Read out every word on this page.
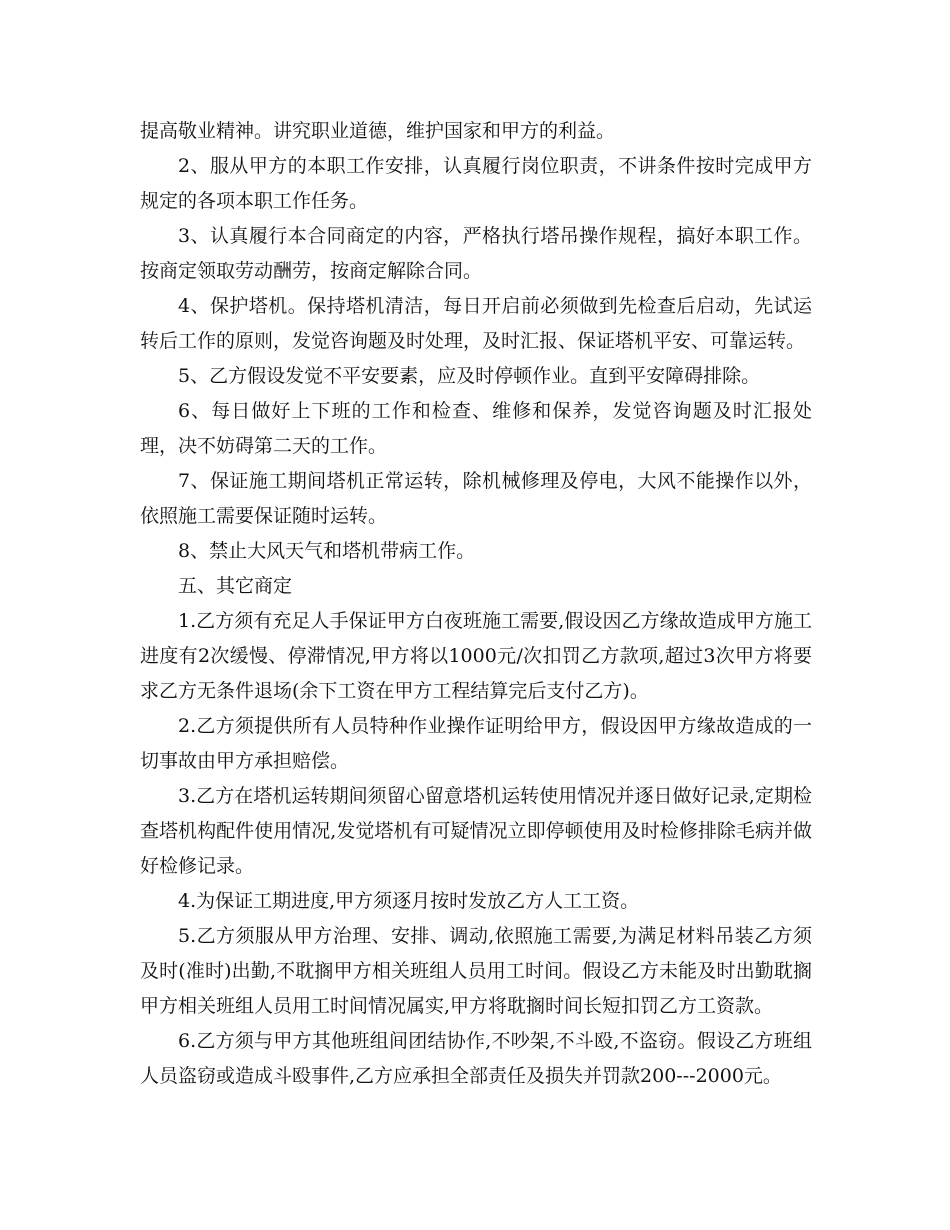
提高敬业精神。讲究职业道德，维护国家和甲方的利益。

2、服从甲方的本职工作安排，认真履行岗位职责，不讲条件按时完成甲方规定的各项本职工作任务。

3、认真履行本合同商定的内容，严格执行塔吊操作规程，搞好本职工作。按商定领取劳动酬劳，按商定解除合同。

4、保护塔机。保持塔机清洁，每日开启前必须做到先检查后启动，先试运转后工作的原则，发觉咨询题及时处理，及时汇报、保证塔机平安、可靠运转。

5、乙方假设发觉不平安要素，应及时停顿作业。直到平安障碍排除。

6、每日做好上下班的工作和检查、维修和保养，发觉咨询题及时汇报处理，决不妨碍第二天的工作。

7、保证施工期间塔机正常运转，除机械修理及停电，大风不能操作以外，依照施工需要保证随时运转。

8、禁止大风天气和塔机带病工作。

五、其它商定

1.乙方须有充足人手保证甲方白夜班施工需要,假设因乙方缘故造成甲方施工进度有2次缓慢、停滞情况,甲方将以1000元/次扣罚乙方款项,超过3次甲方将要求乙方无条件退场(余下工资在甲方工程结算完后支付乙方)。

2.乙方须提供所有人员特种作业操作证明给甲方，假设因甲方缘故造成的一切事故由甲方承担赔偿。

3.乙方在塔机运转期间须留心留意塔机运转使用情况并逐日做好记录,定期检查塔机构配件使用情况,发觉塔机有可疑情况立即停顿使用及时检修排除毛病并做好检修记录。

4.为保证工期进度,甲方须逐月按时发放乙方人工工资。

5.乙方须服从甲方治理、安排、调动,依照施工需要,为满足材料吊装乙方须及时(准时)出勤,不耽搁甲方相关班组人员用工时间。假设乙方未能及时出勤耽搁甲方相关班组人员用工时间情况属实,甲方将耽搁时间长短扣罚乙方工资款。

6.乙方须与甲方其他班组间团结协作,不吵架,不斗殴,不盗窃。假设乙方班组人员盗窃或造成斗殴事件,乙方应承担全部责任及损失并罚款200---2000元。
